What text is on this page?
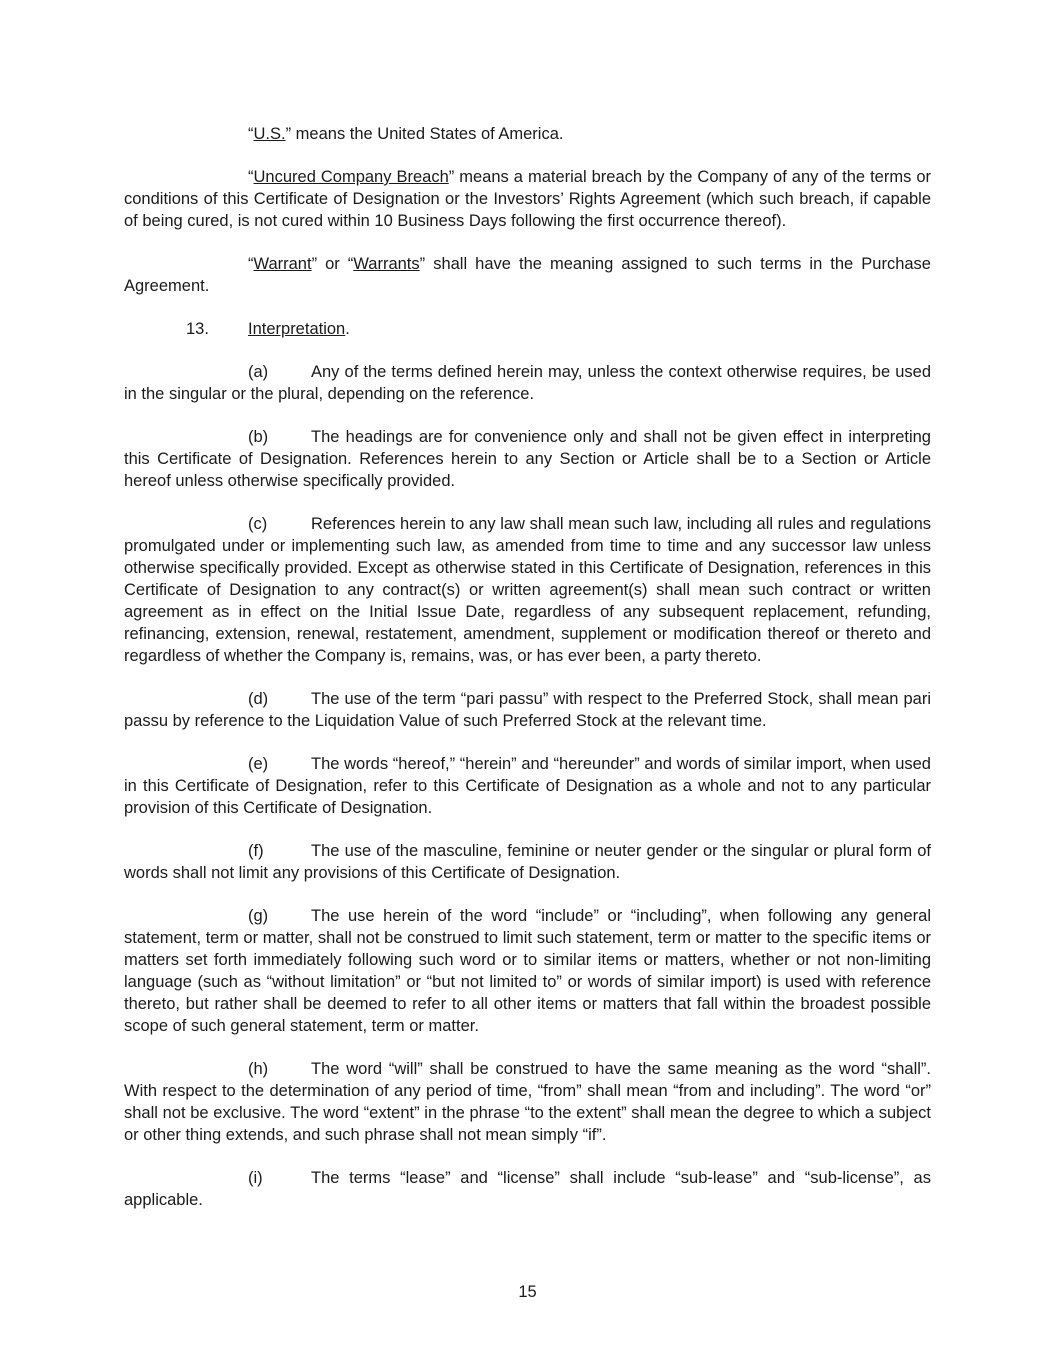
“U.S.” means the United States of America.

“Uncured Company Breach” means a material breach by the Company of any of the terms or conditions of this Certificate of Designation or the Investors’ Rights Agreement (which such breach, if capable of being cured, is not cured within 10 Business Days following the first occurrence thereof).

“Warrant” or “Warrants” shall have the meaning assigned to such terms in the Purchase Agreement.

13. Interpretation.

(a)	Any of the terms defined herein may, unless the context otherwise requires, be used in the singular or the plural, depending on the reference.

(b)	The headings are for convenience only and shall not be given effect in interpreting this Certificate of Designation. References herein to any Section or Article shall be to a Section or Article hereof unless otherwise specifically provided.

(c)	References herein to any law shall mean such law, including all rules and regulations promulgated under or implementing such law, as amended from time to time and any successor law unless otherwise specifically provided. Except as otherwise stated in this Certificate of Designation, references in this Certificate of Designation to any contract(s) or written agreement(s) shall mean such contract or written agreement as in effect on the Initial Issue Date, regardless of any subsequent replacement, refunding, refinancing, extension, renewal, restatement, amendment, supplement or modification thereof or thereto and regardless of whether the Company is, remains, was, or has ever been, a party thereto.

(d)	The use of the term “pari passu” with respect to the Preferred Stock, shall mean pari passu by reference to the Liquidation Value of such Preferred Stock at the relevant time.

(e)	The words “hereof,” “herein” and “hereunder” and words of similar import, when used in this Certificate of Designation, refer to this Certificate of Designation as a whole and not to any particular provision of this Certificate of Designation.

(f)	The use of the masculine, feminine or neuter gender or the singular or plural form of words shall not limit any provisions of this Certificate of Designation.

(g)	The use herein of the word “include” or “including”, when following any general statement, term or matter, shall not be construed to limit such statement, term or matter to the specific items or matters set forth immediately following such word or to similar items or matters, whether or not non-limiting language (such as “without limitation” or “but not limited to” or words of similar import) is used with reference thereto, but rather shall be deemed to refer to all other items or matters that fall within the broadest possible scope of such general statement, term or matter.

(h)	The word “will” shall be construed to have the same meaning as the word “shall”. With respect to the determination of any period of time, “from” shall mean “from and including”. The word “or” shall not be exclusive. The word “extent” in the phrase “to the extent” shall mean the degree to which a subject or other thing extends, and such phrase shall not mean simply “if”.

(i)	The terms “lease” and “license” shall include “sub-lease” and “sub-license”, as applicable.

15
